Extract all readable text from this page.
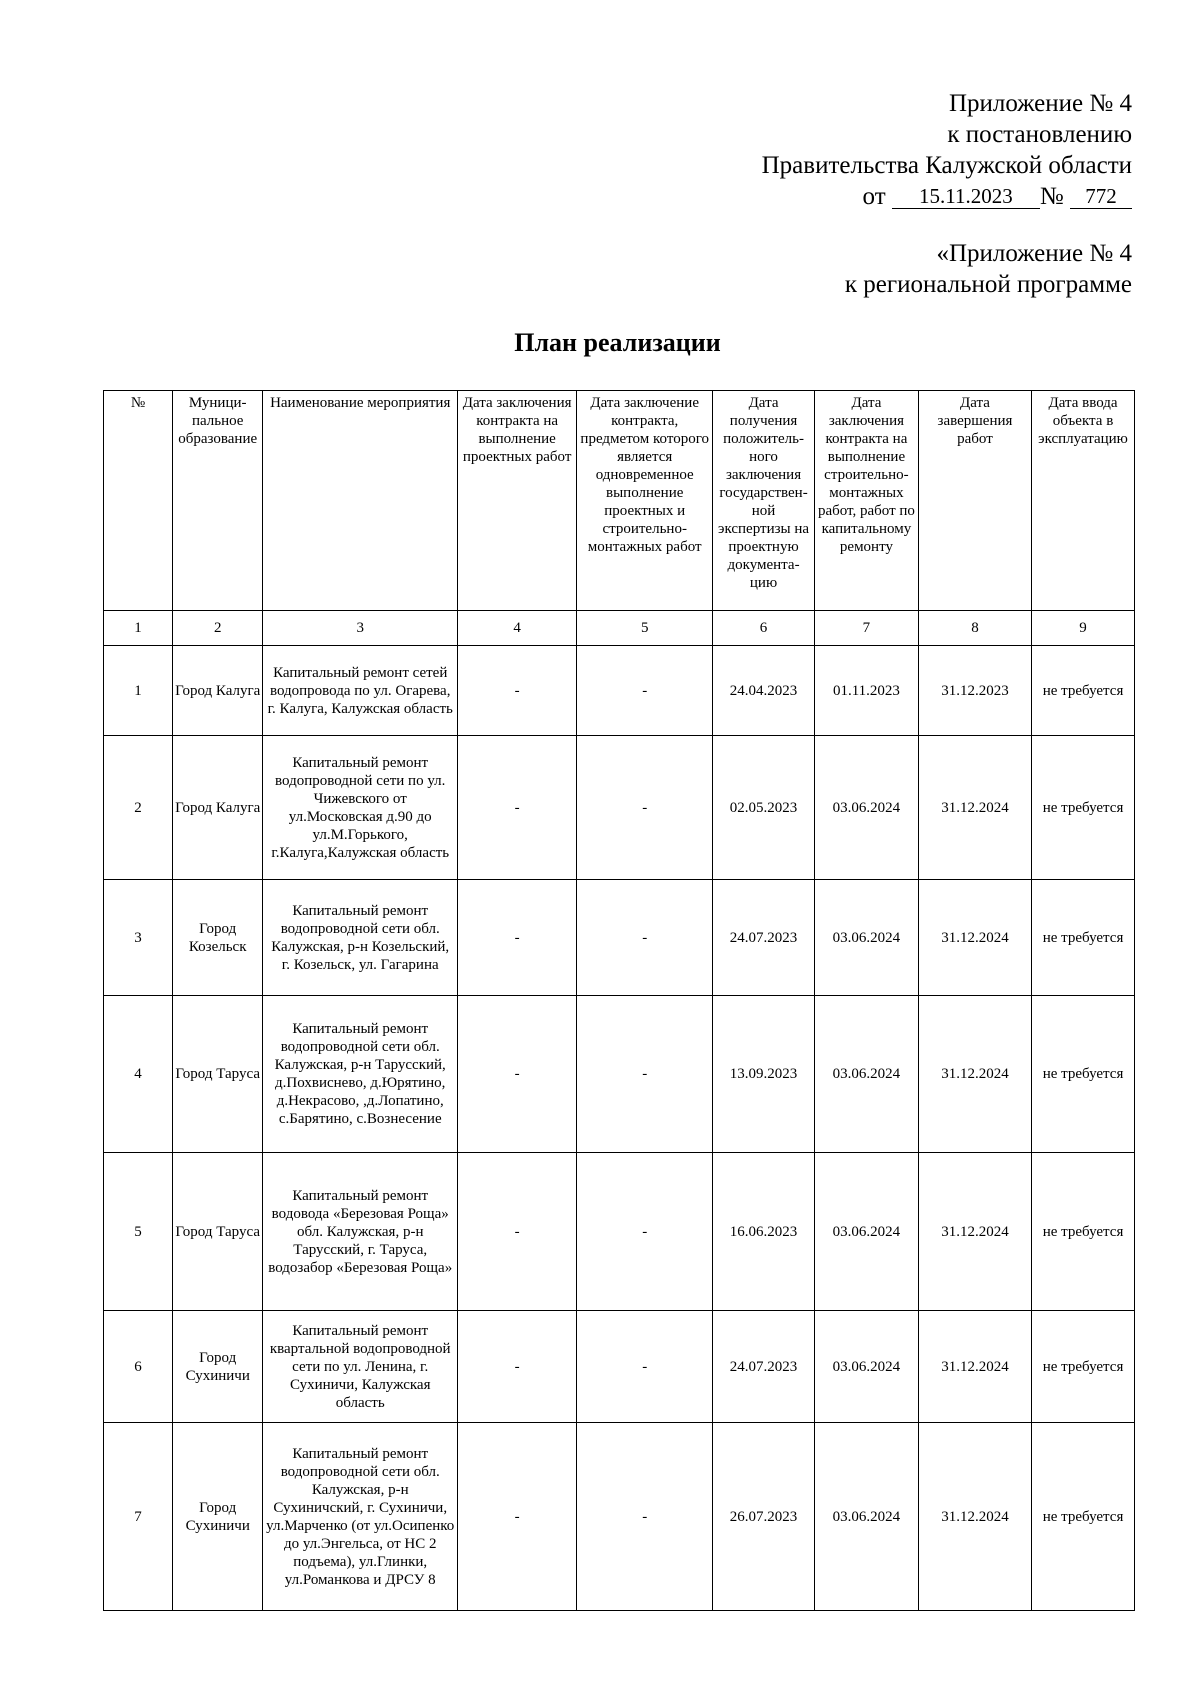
Приложение № 4
к постановлению
Правительства Калужской области
от 15.11.2023 № 772
«Приложение № 4
к региональной программе
План реализации
№	Муници-пальное образование	Наименование мероприятия	Дата заключения контракта на выполнение проектных работ	Дата заключение контракта, предметом которого является одновременное выполнение проектных и строительно-монтажных работ	Дата получения положитель-ного заключения государствен-ной экспертизы на проектную документа-цию	Дата заключения контракта на выполнение строительно-монтажных работ, работ по капитальному ремонту	Дата завершения работ	Дата ввода объекта в эксплуатацию
1	2	3	4	5	6	7	8	9
1	Город Калуга	Капитальный ремонт сетей водопровода по ул. Огарева, г. Калуга, Калужская область	-	-	24.04.2023	01.11.2023	31.12.2023	не требуется
2	Город Калуга	Капитальный ремонт водопроводной сети по ул. Чижевского от ул.Московская д.90 до ул.М.Горького, г.Калуга,Калужская область	-	-	02.05.2023	03.06.2024	31.12.2024	не требуется
3	Город Козельск	Капитальный ремонт водопроводной сети обл. Калужская, р-н Козельский, г. Козельск, ул. Гагарина	-	-	24.07.2023	03.06.2024	31.12.2024	не требуется
4	Город Таруса	Капитальный ремонт водопроводной сети обл. Калужская, р-н Тарусский, д.Похвиснево, д.Юрятино, д.Некрасово, ,д.Лопатино, с.Барятино, с.Вознесение	-	-	13.09.2023	03.06.2024	31.12.2024	не требуется
5	Город Таруса	Капитальный ремонт водовода «Березовая Роща» обл. Калужская, р-н Тарусский, г. Таруса, водозабор «Березовая Роща»	-	-	16.06.2023	03.06.2024	31.12.2024	не требуется
6	Город Сухиничи	Капитальный ремонт квартальной водопроводной сети по ул. Ленина, г. Сухиничи, Калужская область	-	-	24.07.2023	03.06.2024	31.12.2024	не требуется
7	Город Сухиничи	Капитальный ремонт водопроводной сети обл. Калужская, р-н Сухиничский, г. Сухиничи, ул.Марченко (от ул.Осипенко до ул.Энгельса, от НС 2 подъема), ул.Глинки, ул.Романкова и ДРСУ 8	-	-	26.07.2023	03.06.2024	31.12.2024	не требуется
